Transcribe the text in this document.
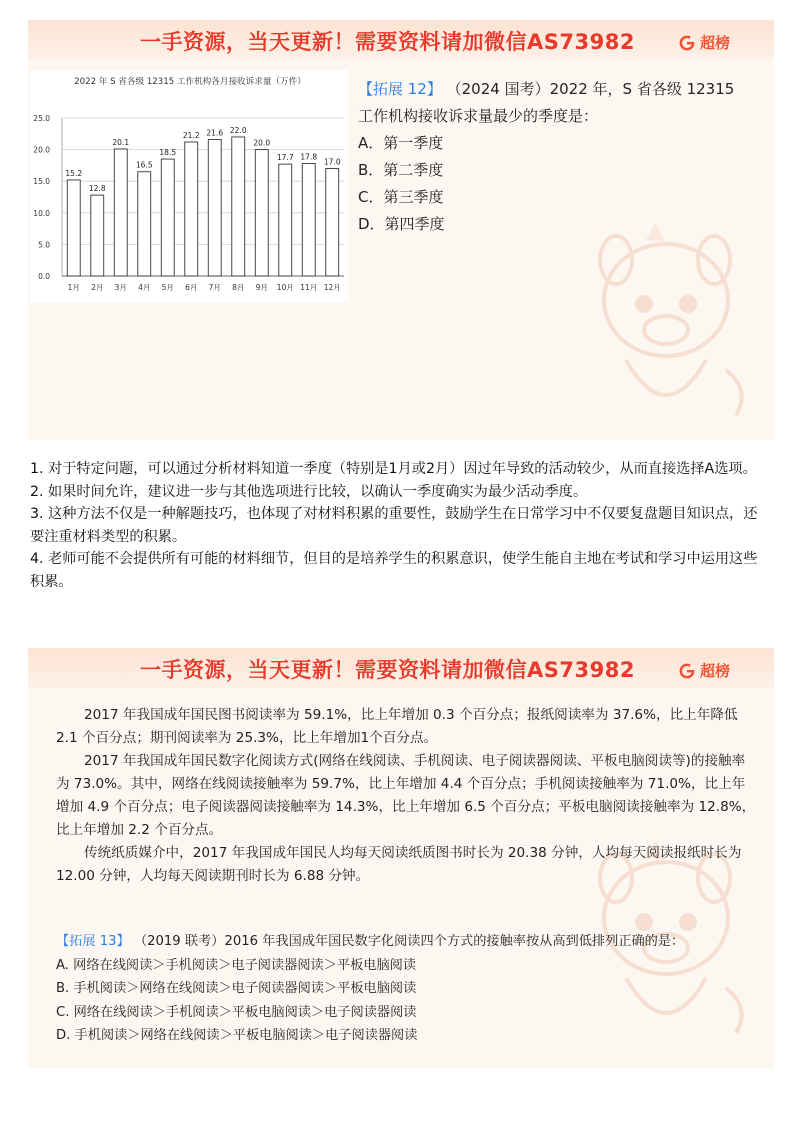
一手资源，当天更新！需要资料请加微信AS73982	超榜
2022 年 S 省各级 12315 工作机构各月接收诉求量（万件）
15.2
12.8
20.1
16.5
18.5
21.2 21.6 22.0
20.0
17.7 17.8
17.0
25.0
20.0
15.0
10.0
5.0
0.0
1月 2月 3月 4月 5月 6月 7月 8月 9月 10月 11月 12月
【拓展 12】 （2024 国考）2022 年，S 省各级 12315
工作机构接收诉求量最少的季度是：
A．第一季度
B．第二季度
C．第三季度
D．第四季度

1. 对于特定问题，可以通过分析材料知道一季度（特别是1月或2月）因过年导致的活动较少，从而直接选择A选项。

2. 如果时间允许，建议进一步与其他选项进行比较，以确认一季度确实为最少活动季度。

3. 这种方法不仅是一种解题技巧，也体现了对材料积累的重要性，鼓励学生在日常学习中不仅要复盘题目知识点，还要注重材料类型的积累。

4. 老师可能不会提供所有可能的材料细节，但目的是培养学生的积累意识，使学生能自主地在考试和学习中运用这些积累。

一手资源，当天更新！需要资料请加微信AS73982	超榜

2017 年我国成年国民图书阅读率为 59.1%，比上年增加 0.3 个百分点；报纸阅读率为 37.6%，比上年降低 2.1 个百分点；期刊阅读率为 25.3%，比上年增加1个百分点。

2017 年我国成年国民数字化阅读方式(网络在线阅读、手机阅读、电子阅读器阅读、平板电脑阅读等)的接触率为 73.0%。其中，网络在线阅读接触率为 59.7%，比上年增加 4.4 个百分点；手机阅读接触率为 71.0%，比上年增加 4.9 个百分点；电子阅读器阅读接触率为 14.3%，比上年增加 6.5 个百分点；平板电脑阅读接触率为 12.8%，比上年增加 2.2 个百分点。

传统纸质媒介中，2017 年我国成年国民人均每天阅读纸质图书时长为 20.38 分钟，人均每天阅读报纸时长为 12.00 分钟，人均每天阅读期刊时长为 6.88 分钟。

【拓展 13】 （2019 联考）2016 年我国成年国民数字化阅读四个方式的接触率按从高到低排列正确的是：
A. 网络在线阅读＞手机阅读＞电子阅读器阅读＞平板电脑阅读
B. 手机阅读＞网络在线阅读＞电子阅读器阅读＞平板电脑阅读
C. 网络在线阅读＞手机阅读＞平板电脑阅读＞电子阅读器阅读
D. 手机阅读＞网络在线阅读＞平板电脑阅读＞电子阅读器阅读
